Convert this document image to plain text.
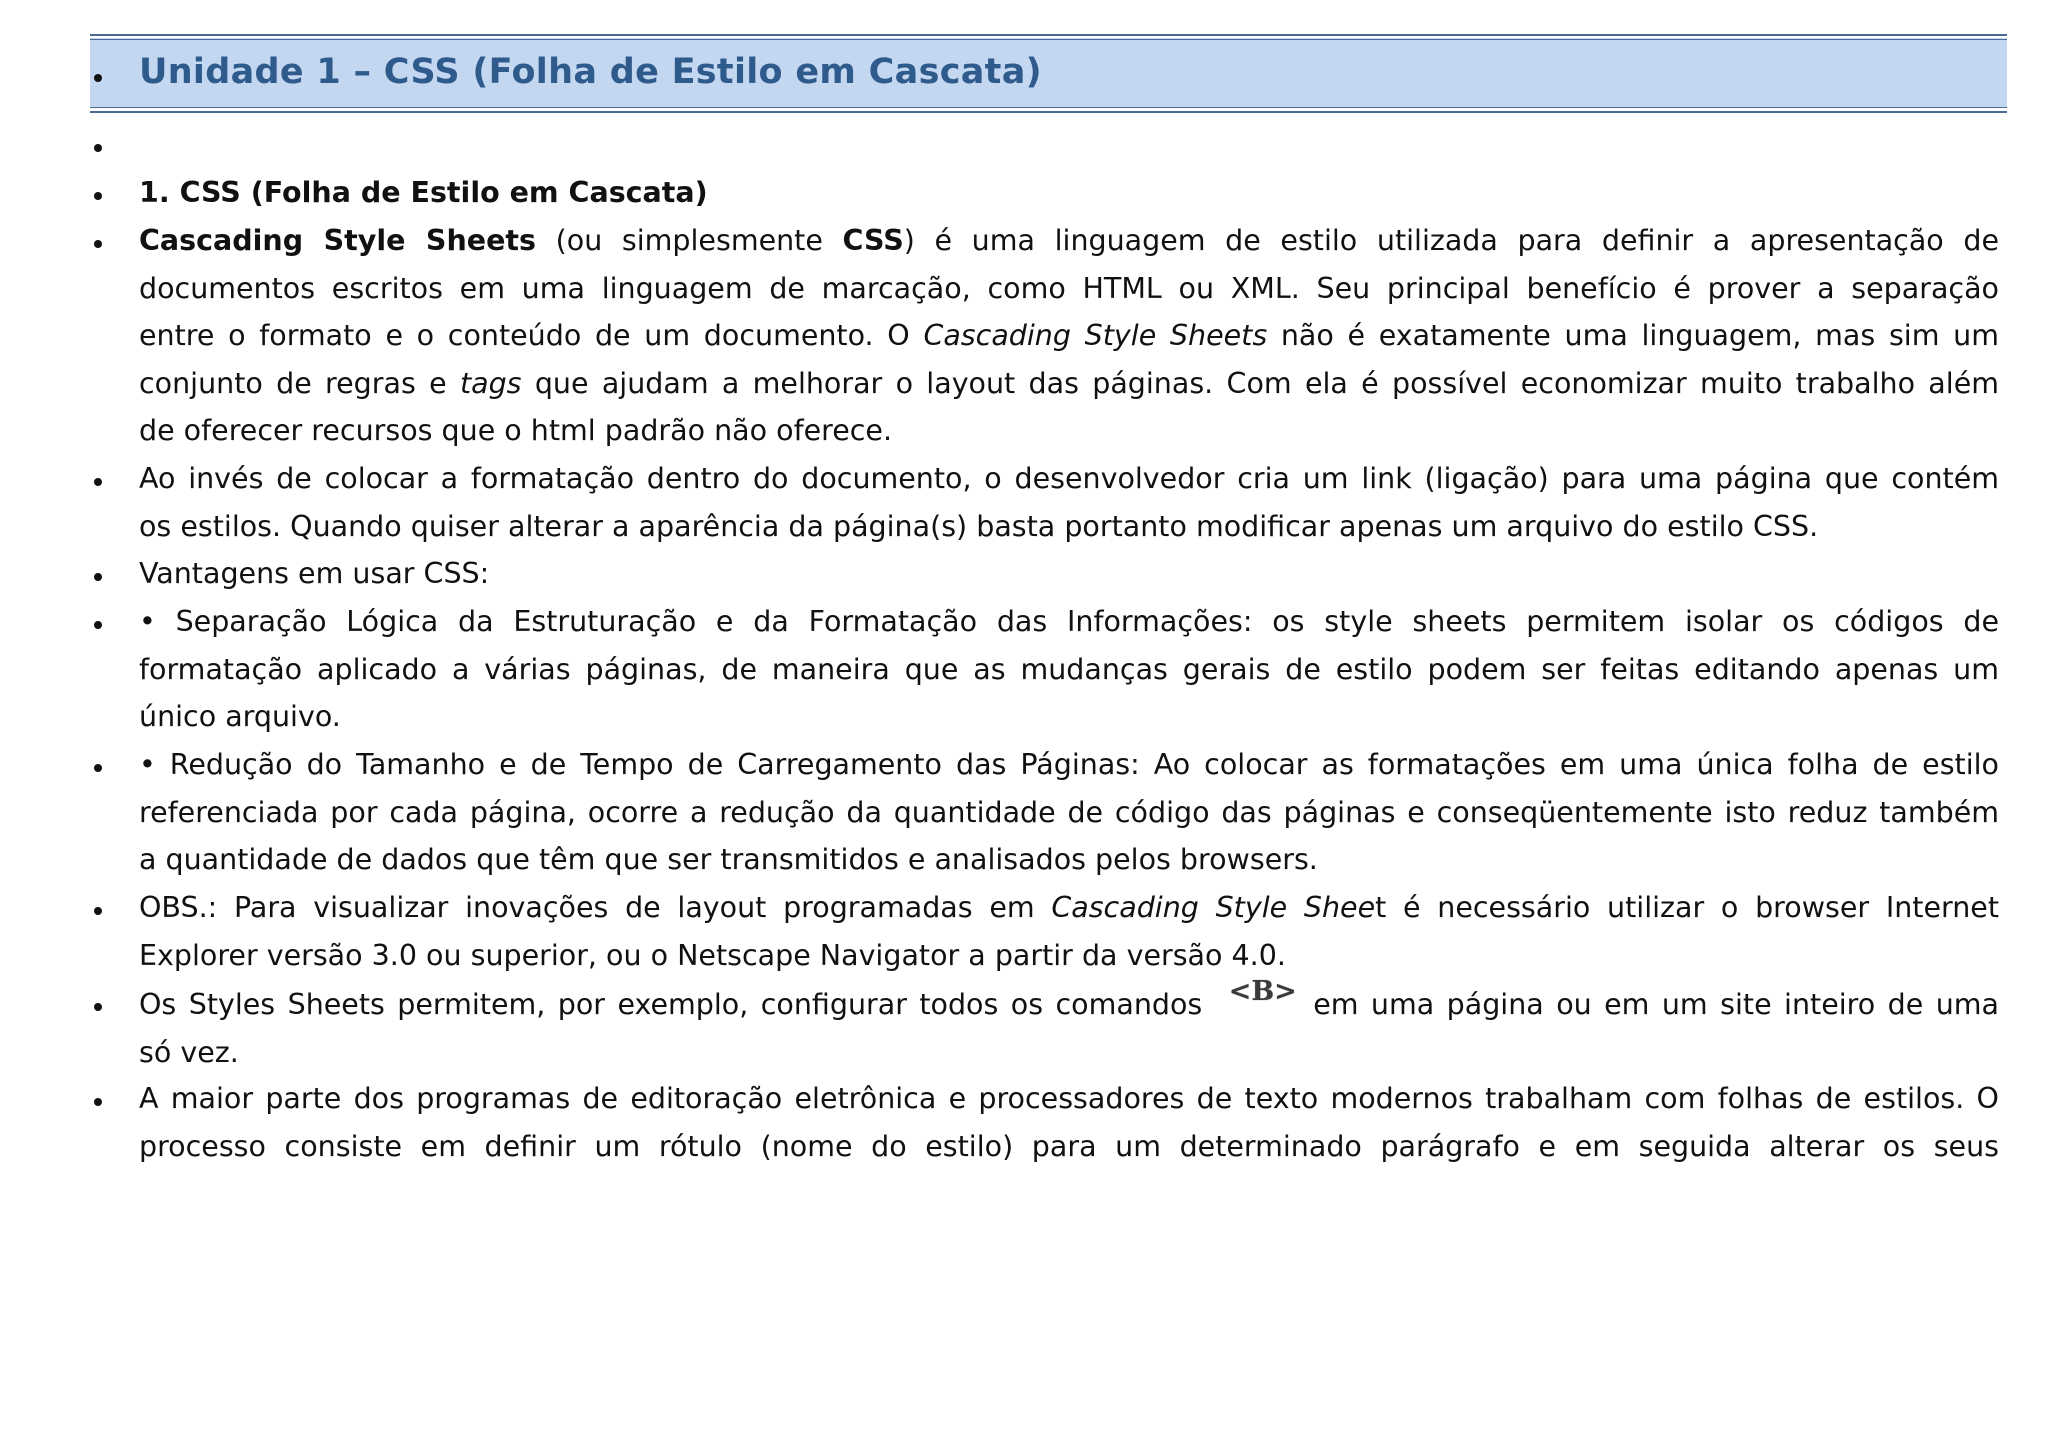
Unidade 1 – CSS (Folha de Estilo em Cascata)
1. CSS (Folha de Estilo em Cascata)
Cascading Style Sheets (ou simplesmente CSS) é uma linguagem de estilo utilizada para definir a apresentação de
documentos escritos em uma linguagem de marcação, como HTML ou XML. Seu principal benefício é prover a separação
entre o formato e o conteúdo de um documento. O Cascading Style Sheets não é exatamente uma linguagem, mas sim um
conjunto de regras e tags que ajudam a melhorar o layout das páginas. Com ela é possível economizar muito trabalho além
de oferecer recursos que o html padrão não oferece.
Ao invés de colocar a formatação dentro do documento, o desenvolvedor cria um link (ligação) para uma página que contém
os estilos. Quando quiser alterar a aparência da página(s) basta portanto modificar apenas um arquivo do estilo CSS.
Vantagens em usar CSS:
• Separação Lógica da Estruturação e da Formatação das Informações: os style sheets permitem isolar os códigos de
formatação aplicado a várias páginas, de maneira que as mudanças gerais de estilo podem ser feitas editando apenas um
único arquivo.
• Redução do Tamanho e de Tempo de Carregamento das Páginas: Ao colocar as formatações em uma única folha de estilo
referenciada por cada página, ocorre a redução da quantidade de código das páginas e conseqüentemente isto reduz também
a quantidade de dados que têm que ser transmitidos e analisados pelos browsers.
OBS.: Para visualizar inovações de layout programadas em Cascading Style Sheet é necessário utilizar o browser Internet
Explorer versão 3.0 ou superior, ou o Netscape Navigator a partir da versão 4.0.
Os Styles Sheets permitem, por exemplo, configurar todos os comandos <B> em uma página ou em um site inteiro de uma
só vez.
A maior parte dos programas de editoração eletrônica e processadores de texto modernos trabalham com folhas de estilos. O
processo consiste em definir um rótulo (nome do estilo) para um determinado parágrafo e em seguida alterar os seus
